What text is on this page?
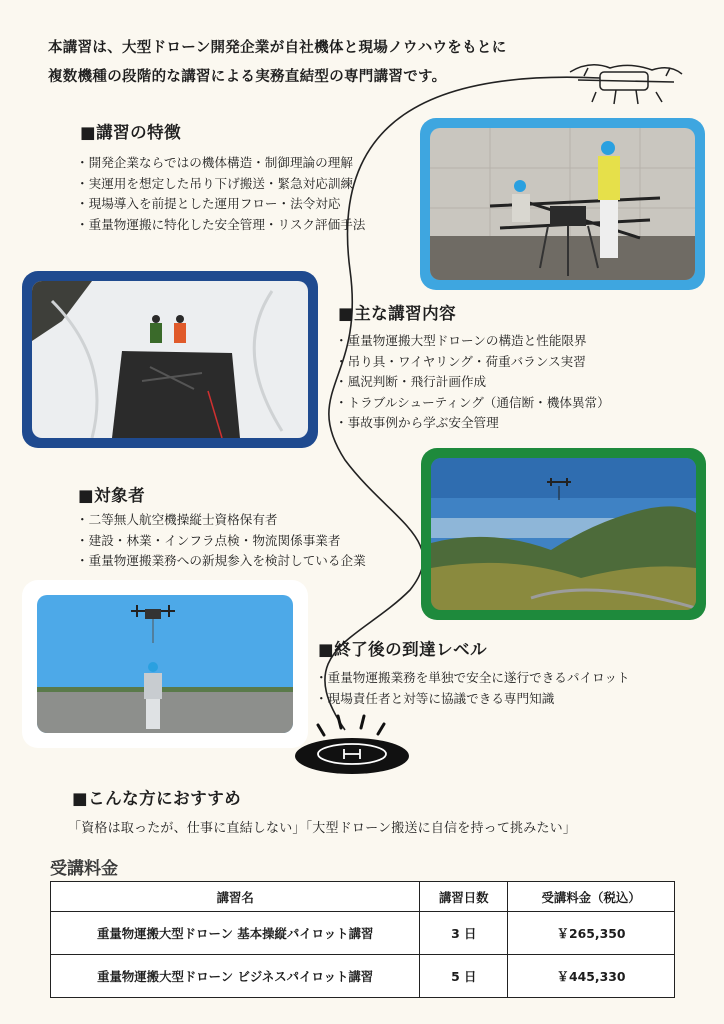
本講習は、大型ドローン開発企業が自社機体と現場ノウハウをもとに
複数機種の段階的な講習による実務直結型の専門講習です。
■講習の特徴
・開発企業ならではの機体構造・制御理論の理解
・実運用を想定した吊り下げ搬送・緊急対応訓練
・現場導入を前提とした運用フロー・法令対応
・重量物運搬に特化した安全管理・リスク評価手法
■主な講習内容
・重量物運搬大型ドローンの構造と性能限界
・吊り具・ワイヤリング・荷重バランス実習
・風況判断・飛行計画作成
・トラブルシューティング（通信断・機体異常）
・事故事例から学ぶ安全管理
■対象者
・二等無人航空機操縦士資格保有者
・建設・林業・インフラ点検・物流関係事業者
・重量物運搬業務への新規参入を検討している企業
■終了後の到達レベル
・重量物運搬業務を単独で安全に遂行できるパイロット
・現場責任者と対等に協議できる専門知識
■こんな方におすすめ
「資格は取ったが、仕事に直結しない」「大型ドローン搬送に自信を持って挑みたい」
受講料金
講習名	講習日数	受講料金（税込）
重量物運搬大型ドローン 基本操縦パイロット講習	3 日	￥265,350
重量物運搬大型ドローン ビジネスパイロット講習	5 日	￥445,330
